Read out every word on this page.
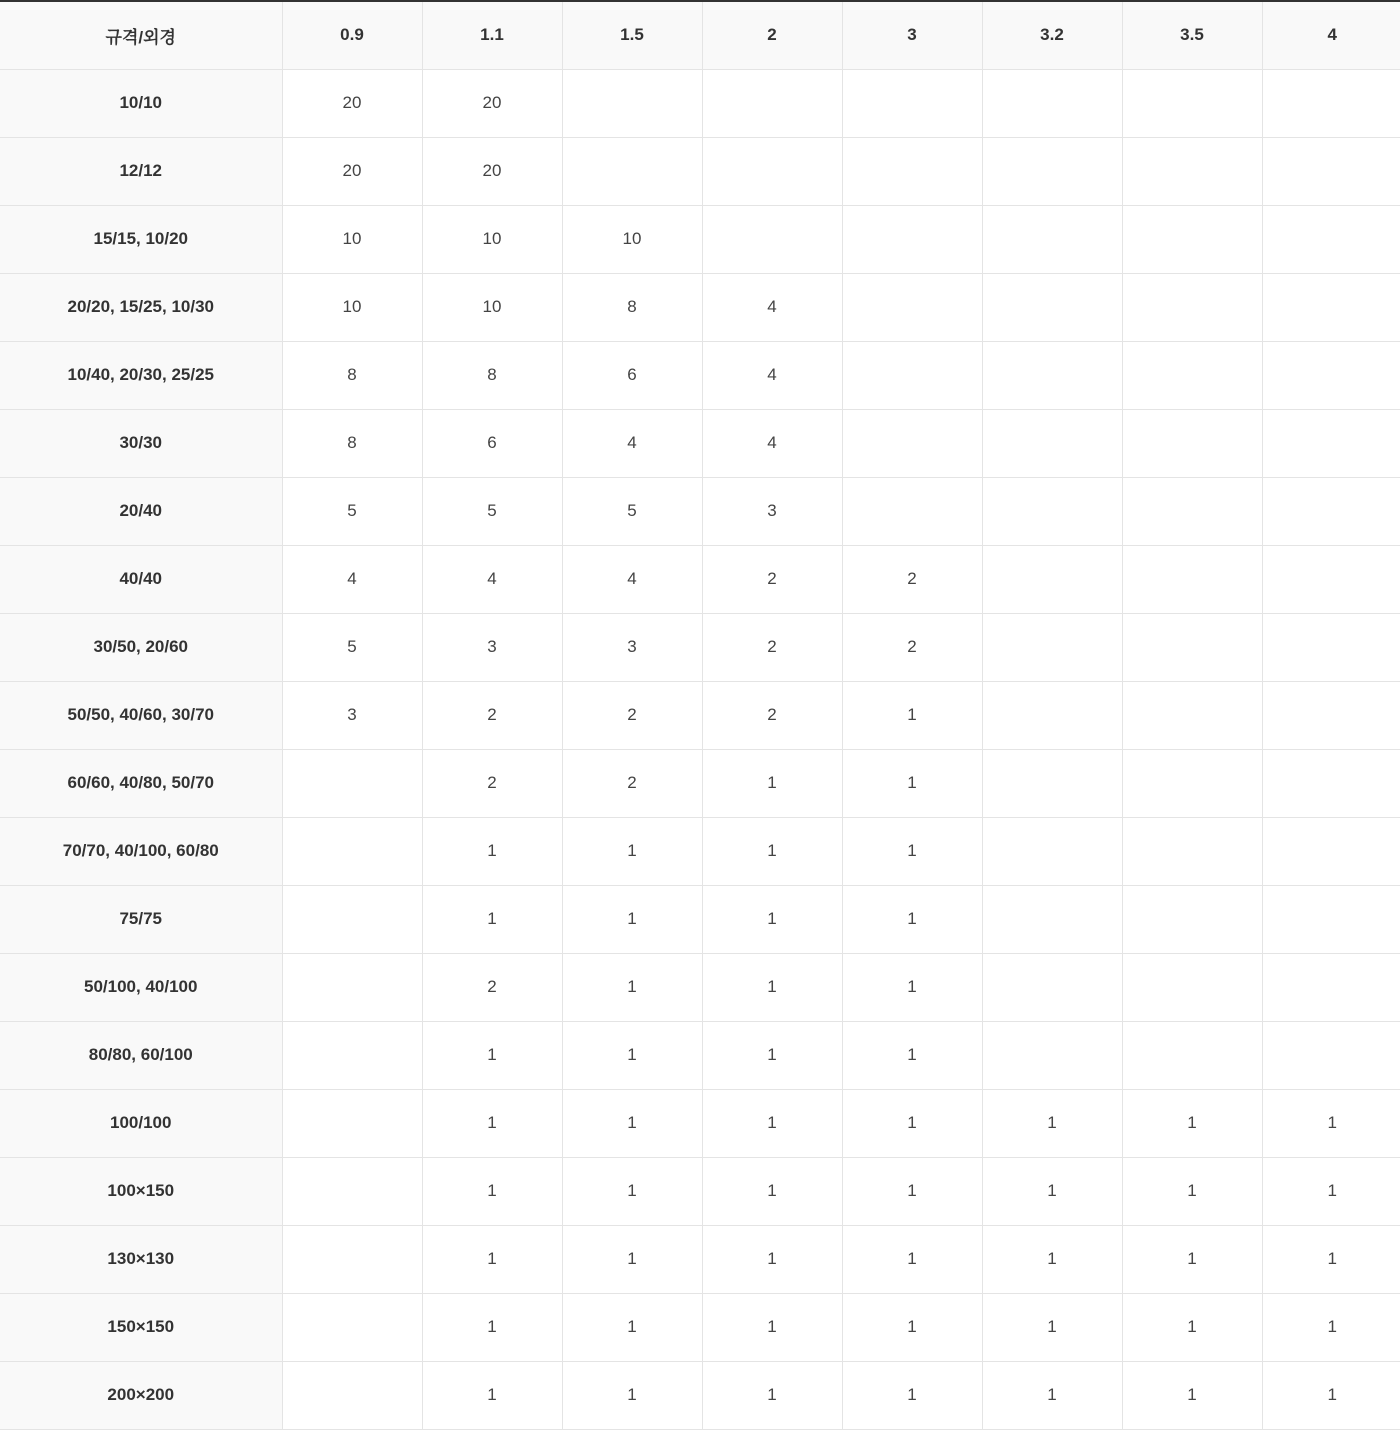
규격/외경	0.9	1.1	1.5	2	3	3.2	3.5	4
10/10	20	20						
12/12	20	20						
15/15, 10/20	10	10	10					
20/20, 15/25, 10/30	10	10	8	4				
10/40, 20/30, 25/25	8	8	6	4				
30/30	8	6	4	4				
20/40	5	5	5	3				
40/40	4	4	4	2	2			
30/50, 20/60	5	3	3	2	2			
50/50, 40/60, 30/70	3	2	2	2	1			
60/60, 40/80, 50/70		2	2	1	1			
70/70, 40/100, 60/80		1	1	1	1			
75/75		1	1	1	1			
50/100, 40/100		2	1	1	1			
80/80, 60/100		1	1	1	1			
100/100		1	1	1	1	1	1	1
100×150		1	1	1	1	1	1	1
130×130		1	1	1	1	1	1	1
150×150		1	1	1	1	1	1	1
200×200		1	1	1	1	1	1	1
